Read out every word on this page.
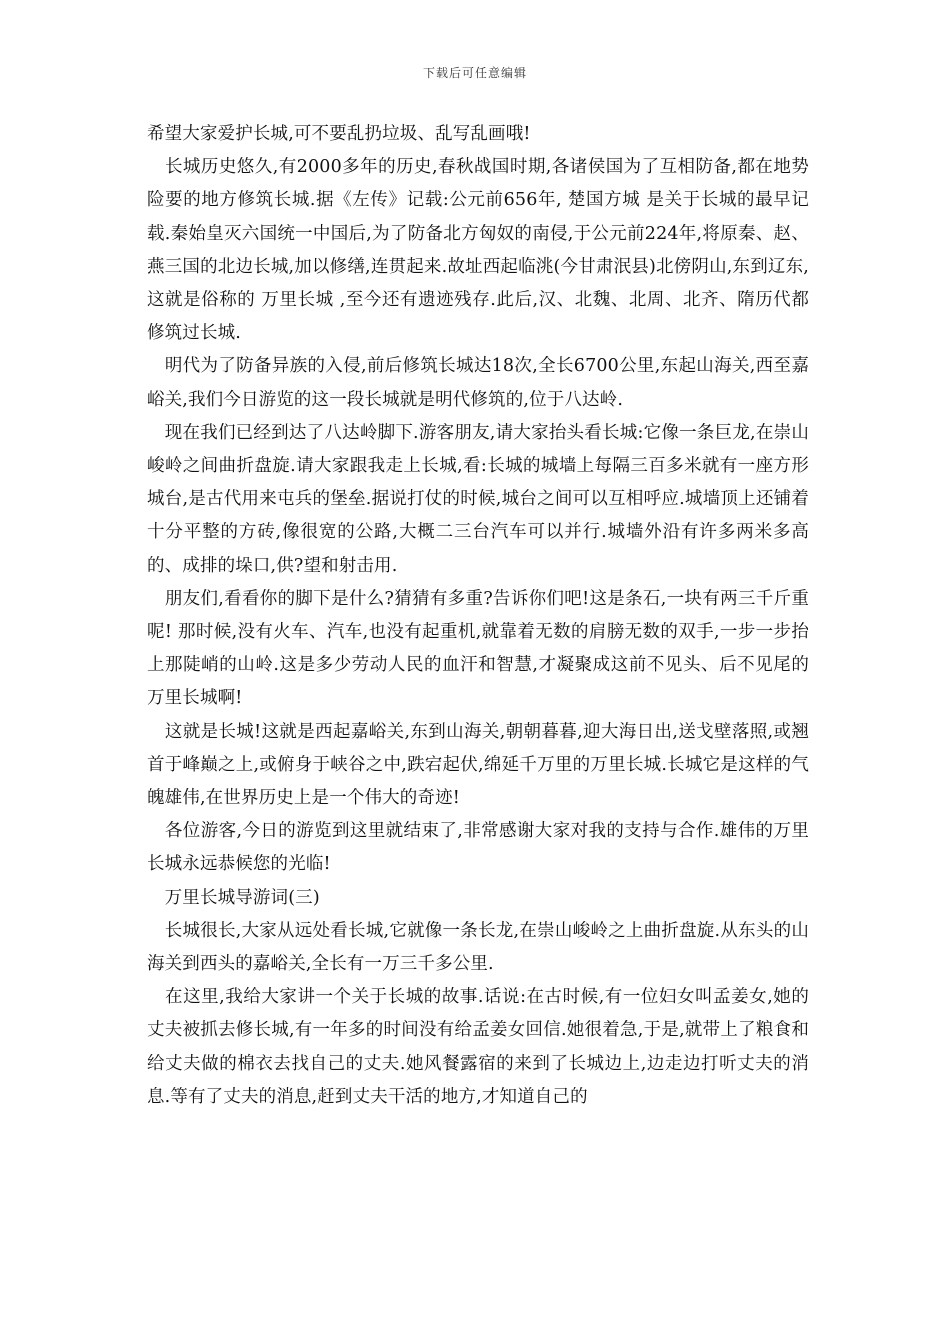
下载后可任意编辑

希望大家爱护长城,可不要乱扔垃圾、乱写乱画哦!

　长城历史悠久,有2000多年的历史,春秋战国时期,各诸侯国为了互相防备,都在地势险要的地方修筑长城.据《左传》记载:公元前656年, 楚国方城 是关于长城的最早记载.秦始皇灭六国统一中国后,为了防备北方匈奴的南侵,于公元前224年,将原秦、赵、燕三国的北边长城,加以修缮,连贯起来.故址西起临洮(今甘肃泯县)北傍阴山,东到辽东,这就是俗称的 万里长城 ,至今还有遗迹残存.此后,汉、北魏、北周、北齐、隋历代都修筑过长城.

　明代为了防备异族的入侵,前后修筑长城达18次,全长6700公里,东起山海关,西至嘉峪关,我们今日游览的这一段长城就是明代修筑的,位于八达岭.

　现在我们已经到达了八达岭脚下.游客朋友,请大家抬头看长城:它像一条巨龙,在崇山峻岭之间曲折盘旋.请大家跟我走上长城,看:长城的城墙上每隔三百多米就有一座方形城台,是古代用来屯兵的堡垒.据说打仗的时候,城台之间可以互相呼应.城墙顶上还铺着十分平整的方砖,像很宽的公路,大概二三台汽车可以并行.城墙外沿有许多两米多高的、成排的垛口,供?望和射击用.

　朋友们,看看你的脚下是什么?猜猜有多重?告诉你们吧!这是条石,一块有两三千斤重呢! 那时候,没有火车、汽车,也没有起重机,就靠着无数的肩膀无数的双手,一步一步抬上那陡峭的山岭.这是多少劳动人民的血汗和智慧,才凝聚成这前不见头、后不见尾的万里长城啊!

　这就是长城!这就是西起嘉峪关,东到山海关,朝朝暮暮,迎大海日出,送戈壁落照,或翘首于峰巅之上,或俯身于峡谷之中,跌宕起伏,绵延千万里的万里长城.长城它是这样的气魄雄伟,在世界历史上是一个伟大的奇迹!

　各位游客,今日的游览到这里就结束了,非常感谢大家对我的支持与合作.雄伟的万里长城永远恭候您的光临!

　万里长城导游词(三)

　长城很长,大家从远处看长城,它就像一条长龙,在崇山峻岭之上曲折盘旋.从东头的山海关到西头的嘉峪关,全长有一万三千多公里.

　在这里,我给大家讲一个关于长城的故事.话说:在古时候,有一位妇女叫孟姜女,她的丈夫被抓去修长城,有一年多的时间没有给孟姜女回信.她很着急,于是,就带上了粮食和给丈夫做的棉衣去找自己的丈夫.她风餐露宿的来到了长城边上,边走边打听丈夫的消息.等有了丈夫的消息,赶到丈夫干活的地方,才知道自己的
